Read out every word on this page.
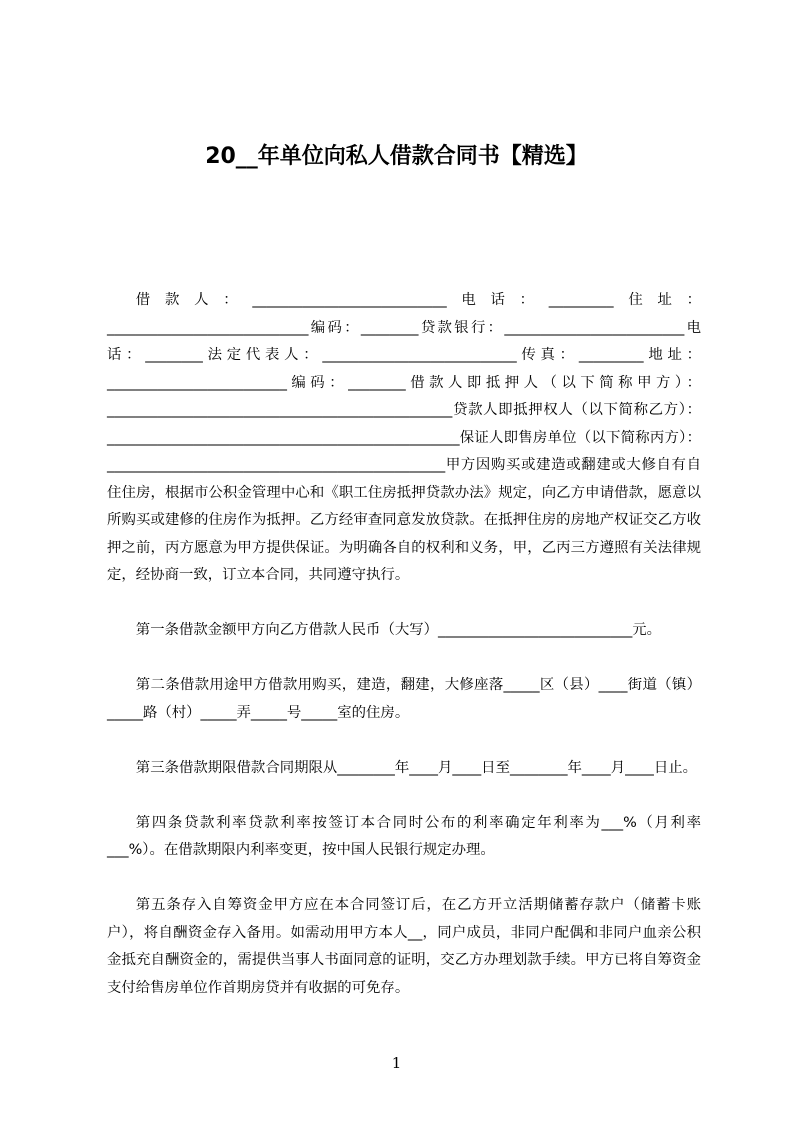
20__年单位向私人借款合同书【精选】

借款人：___________________________电话：_________住址：____________________________编码：________贷款银行：_________________________电话：________法定代表人：___________________________传真：_________地址：_________________________编码：________借款人即抵押人（以下简称甲方）：________________________________________________贷款人即抵押权人（以下简称乙方）：_________________________________________________保证人即售房单位（以下简称丙方）：_______________________________________________甲方因购买或建造或翻建或大修自有自住住房，根据市公积金管理中心和《职工住房抵押贷款办法》规定，向乙方申请借款，愿意以所购买或建修的住房作为抵押。乙方经审查同意发放贷款。在抵押住房的房地产权证交乙方收押之前，丙方愿意为甲方提供保证。为明确各自的权利和义务，甲，乙丙三方遵照有关法律规定，经协商一致，订立本合同，共同遵守执行。

第一条借款金额甲方向乙方借款人民币（大写）___________________________元。

第二条借款用途甲方借款用购买，建造，翻建，大修座落_____区（县）____街道（镇）_____路（村）_____弄_____号_____室的住房。

第三条借款期限借款合同期限从________年____月____日至________年____月____日止。

第四条贷款利率贷款利率按签订本合同时公布的利率确定年利率为___%（月利率___%）。在借款期限内利率变更，按中国人民银行规定办理。

第五条存入自筹资金甲方应在本合同签订后，在乙方开立活期储蓄存款户（储蓄卡账户），将自酬资金存入备用。如需动用甲方本人__，同户成员，非同户配偶和非同户血亲公积金抵充自酬资金的，需提供当事人书面同意的证明，交乙方办理划款手续。甲方已将自筹资金支付给售房单位作首期房贷并有收据的可免存。

1
